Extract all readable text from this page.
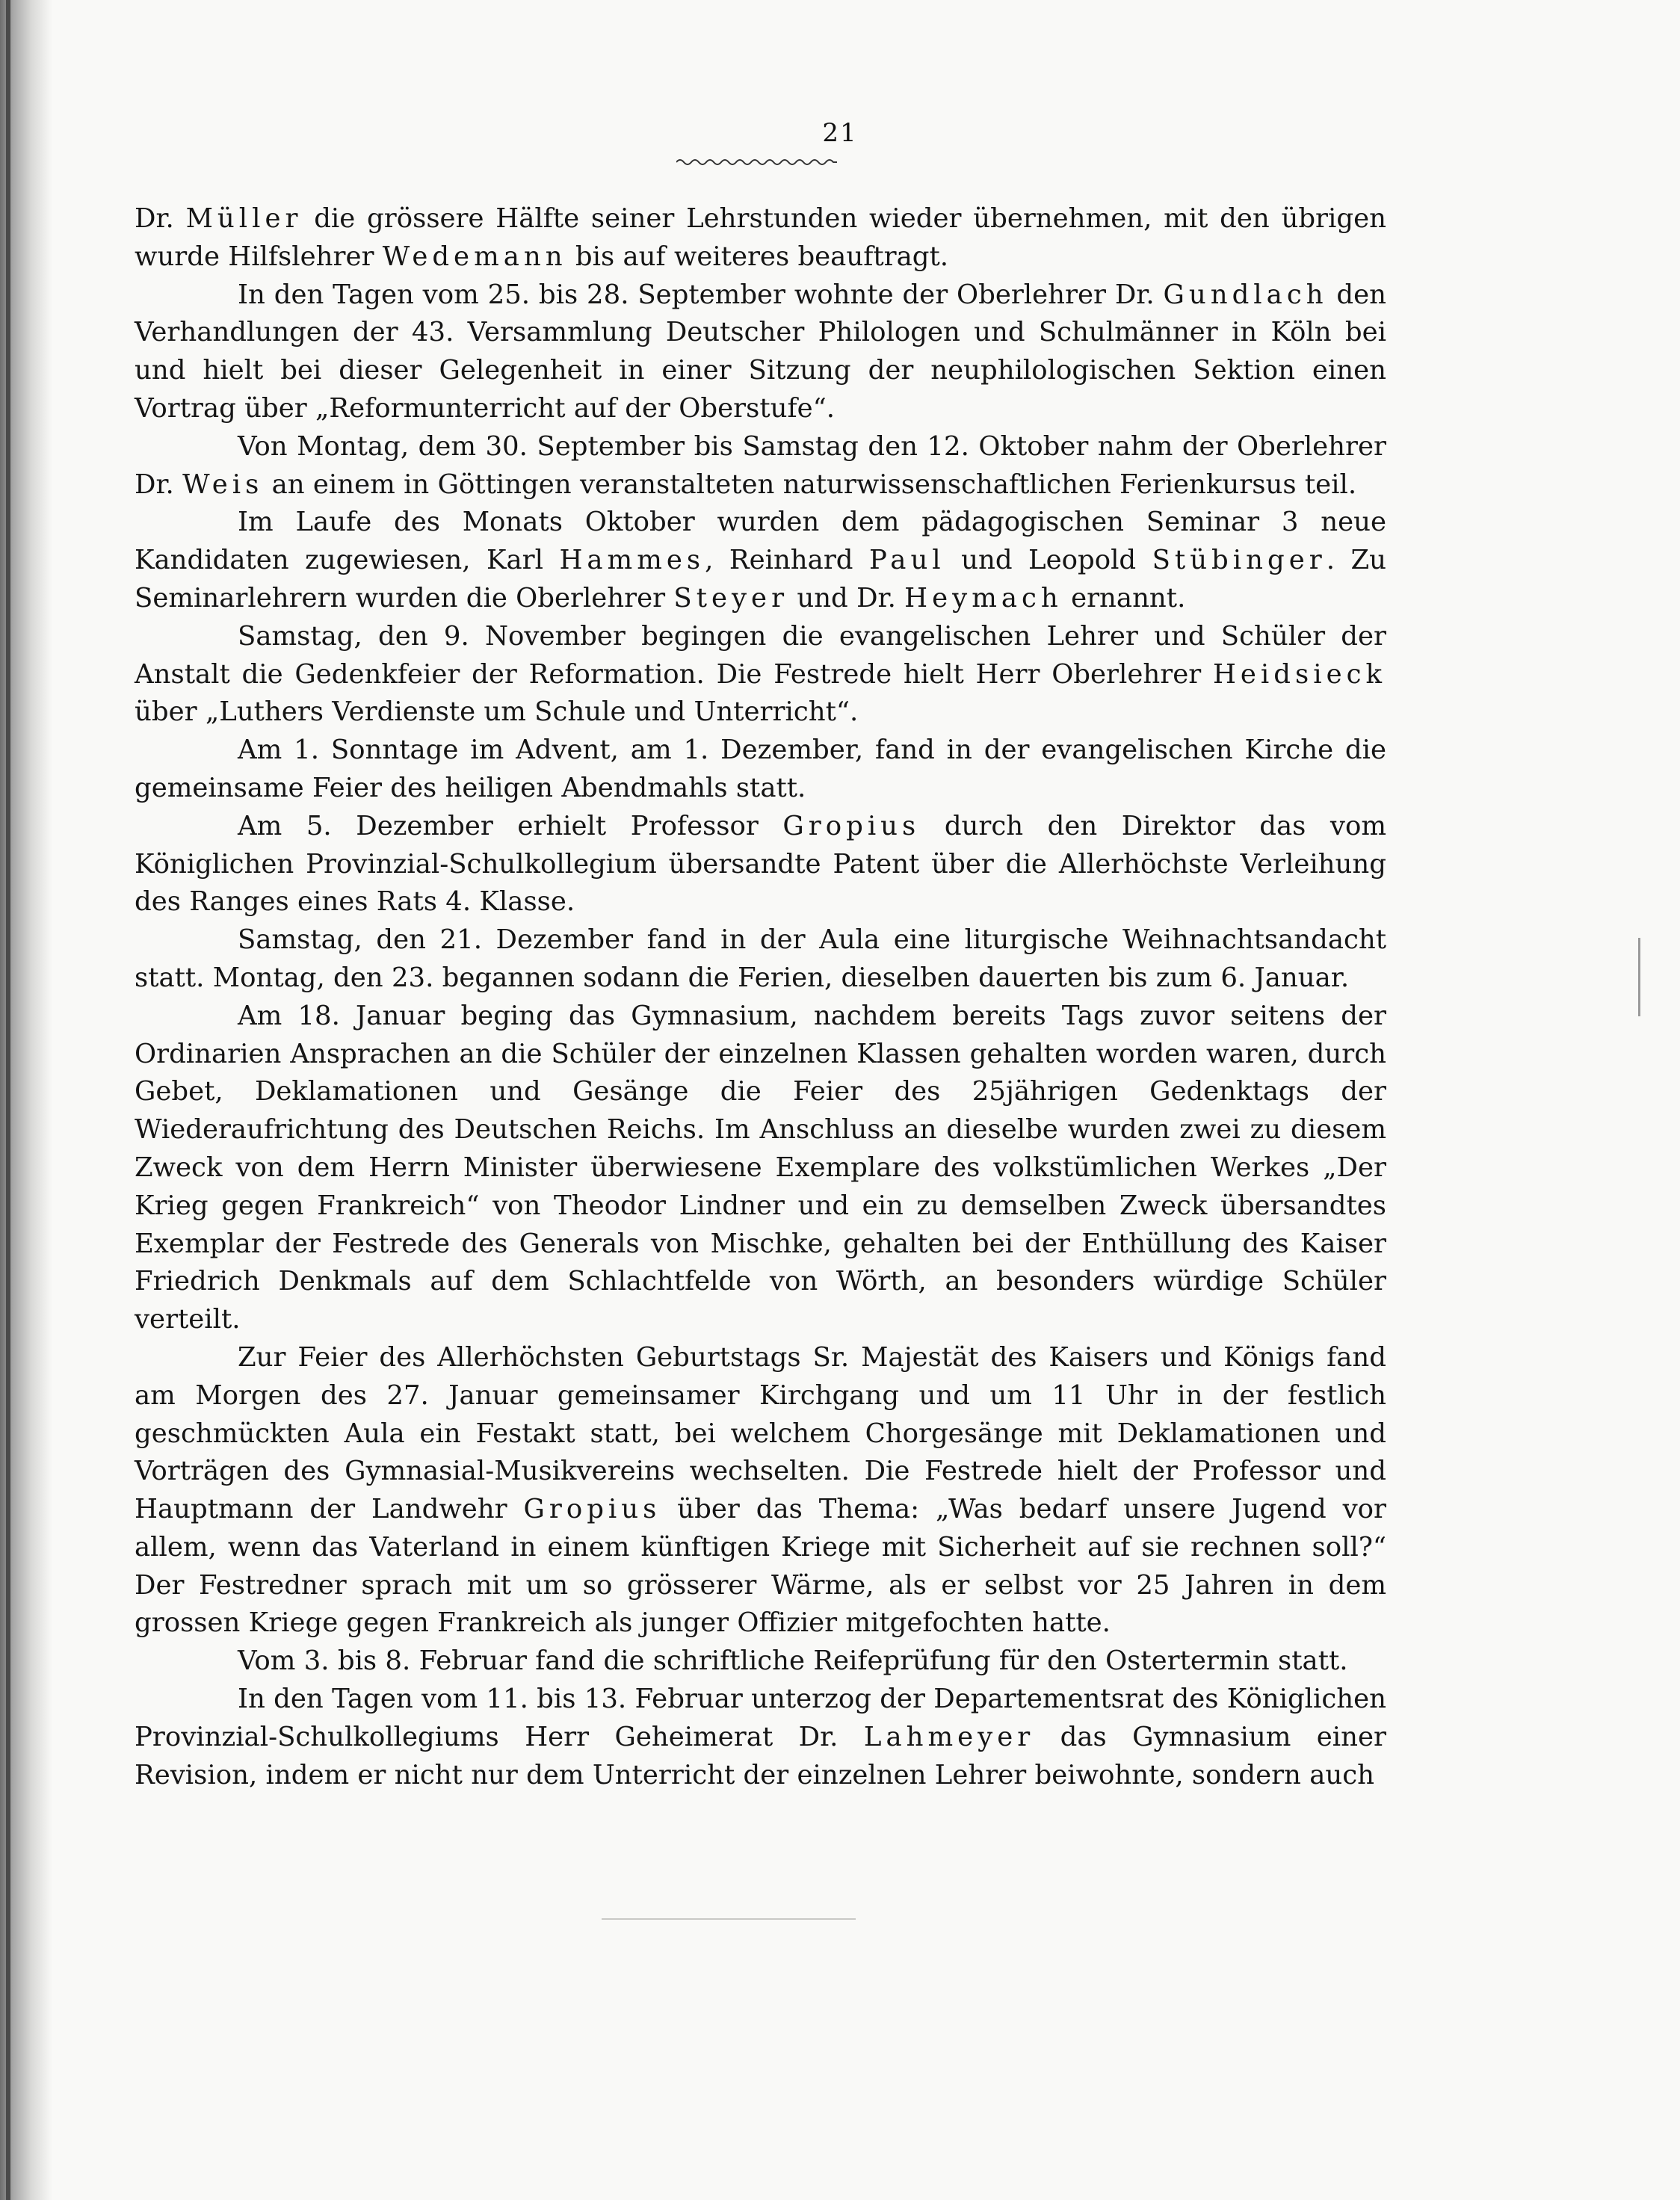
21

Dr. Müller die grössere Hälfte seiner Lehrstunden wieder übernehmen, mit den übrigen wurde Hilfslehrer Wedemann bis auf weiteres beauftragt.

In den Tagen vom 25. bis 28. September wohnte der Oberlehrer Dr. Gundlach den Verhandlungen der 43. Versammlung Deutscher Philologen und Schulmänner in Köln bei und hielt bei dieser Gelegenheit in einer Sitzung der neuphilologischen Sektion einen Vortrag über „Reformunterricht auf der Oberstufe“.

Von Montag, dem 30. September bis Samstag den 12. Oktober nahm der Oberlehrer Dr. Weis an einem in Göttingen veranstalteten naturwissenschaftlichen Ferienkursus teil.

Im Laufe des Monats Oktober wurden dem pädagogischen Seminar 3 neue Kandidaten zugewiesen, Karl Hammes, Reinhard Paul und Leopold Stübinger. Zu Seminarlehrern wurden die Oberlehrer Steyer und Dr. Heymach ernannt.

Samstag, den 9. November begingen die evangelischen Lehrer und Schüler der Anstalt die Gedenkfeier der Reformation. Die Festrede hielt Herr Oberlehrer Heidsieck über „Luthers Verdienste um Schule und Unterricht“.

Am 1. Sonntage im Advent, am 1. Dezember, fand in der evangelischen Kirche die gemeinsame Feier des heiligen Abendmahls statt.

Am 5. Dezember erhielt Professor Gropius durch den Direktor das vom Königlichen Provinzial-Schulkollegium übersandte Patent über die Allerhöchste Verleihung des Ranges eines Rats 4. Klasse.

Samstag, den 21. Dezember fand in der Aula eine liturgische Weihnachtsandacht statt. Montag, den 23. begannen sodann die Ferien, dieselben dauerten bis zum 6. Januar.

Am 18. Januar beging das Gymnasium, nachdem bereits Tags zuvor seitens der Ordinarien Ansprachen an die Schüler der einzelnen Klassen gehalten worden waren, durch Gebet, Deklamationen und Gesänge die Feier des 25jährigen Gedenktags der Wiederaufrichtung des Deutschen Reichs. Im Anschluss an dieselbe wurden zwei zu diesem Zweck von dem Herrn Minister überwiesene Exemplare des volkstümlichen Werkes „Der Krieg gegen Frankreich“ von Theodor Lindner und ein zu demselben Zweck übersandtes Exemplar der Festrede des Generals von Mischke, gehalten bei der Enthüllung des Kaiser Friedrich Denkmals auf dem Schlachtfelde von Wörth, an besonders würdige Schüler verteilt.

Zur Feier des Allerhöchsten Geburtstags Sr. Majestät des Kaisers und Königs fand am Morgen des 27. Januar gemeinsamer Kirchgang und um 11 Uhr in der festlich geschmückten Aula ein Festakt statt, bei welchem Chorgesänge mit Deklamationen und Vorträgen des Gymnasial-Musikvereins wechselten. Die Festrede hielt der Professor und Hauptmann der Landwehr Gropius über das Thema: „Was bedarf unsere Jugend vor allem, wenn das Vaterland in einem künftigen Kriege mit Sicherheit auf sie rechnen soll?“ Der Festredner sprach mit um so grösserer Wärme, als er selbst vor 25 Jahren in dem grossen Kriege gegen Frankreich als junger Offizier mitgefochten hatte.

Vom 3. bis 8. Februar fand die schriftliche Reifeprüfung für den Ostertermin statt.

In den Tagen vom 11. bis 13. Februar unterzog der Departementsrat des Königlichen Provinzial-Schulkollegiums Herr Geheimerat Dr. Lahmeyer das Gymnasium einer Revision, indem er nicht nur dem Unterricht der einzelnen Lehrer beiwohnte, sondern auch
